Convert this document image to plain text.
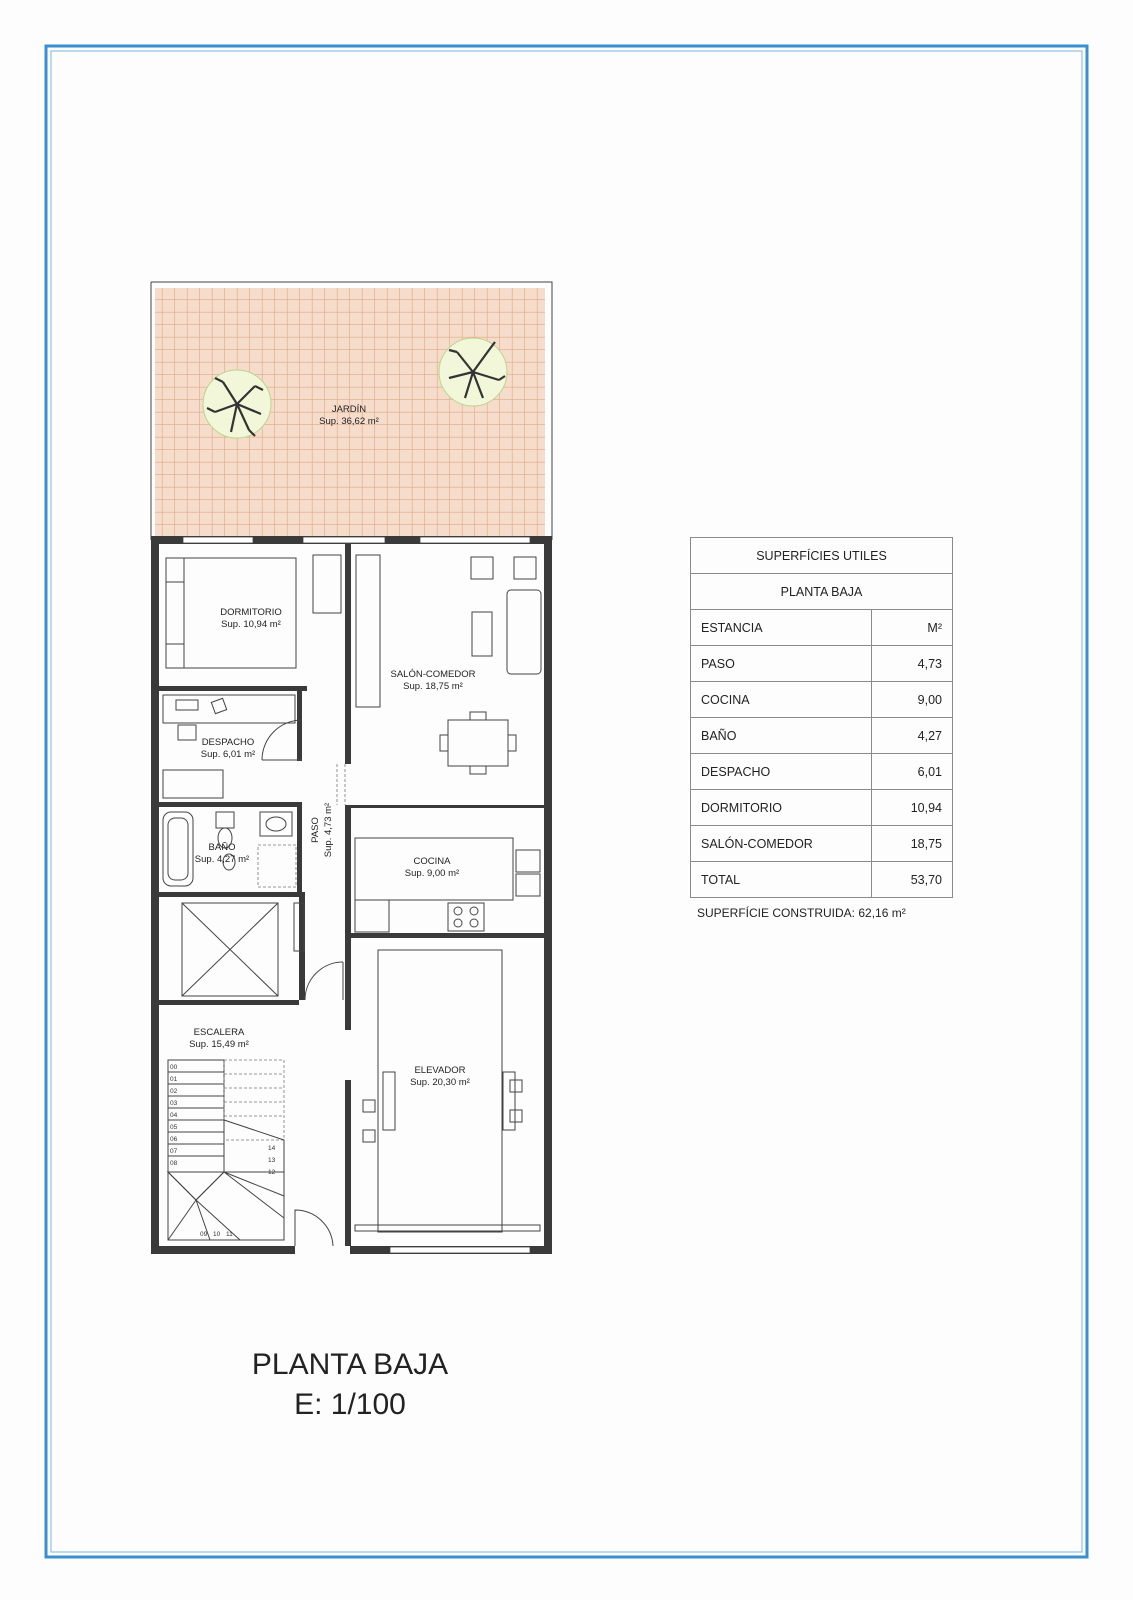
JARDÍN
Sup. 36,62 m²
DORMITORIO
Sup. 10,94 m²
DESPACHO
Sup. 6,01 m²
BAÑO
Sup. 4,27 m²
PASO Sup. 4,73 m²
SALÓN-COMEDOR
Sup. 18,75 m²
COCINA
Sup. 9,00 m²
00
01
02
03
04
05
06
07
08
09 10 11
14
13
12
ESCALERA
Sup. 15,49 m²
ELEVADOR
Sup. 20,30 m²
SUPERFÍCIES UTILES	
PLANTA BAJA	
ESTANCIA	M²
PASO	4,73
COCINA	9,00
BAÑO	4,27
DESPACHO	6,01
DORMITORIO	10,94
SALÓN-COMEDOR	18,75
TOTAL	53,70
SUPERFÍCIE CONSTRUIDA: 62,16 m²
PLANTA BAJA
E: 1/100
